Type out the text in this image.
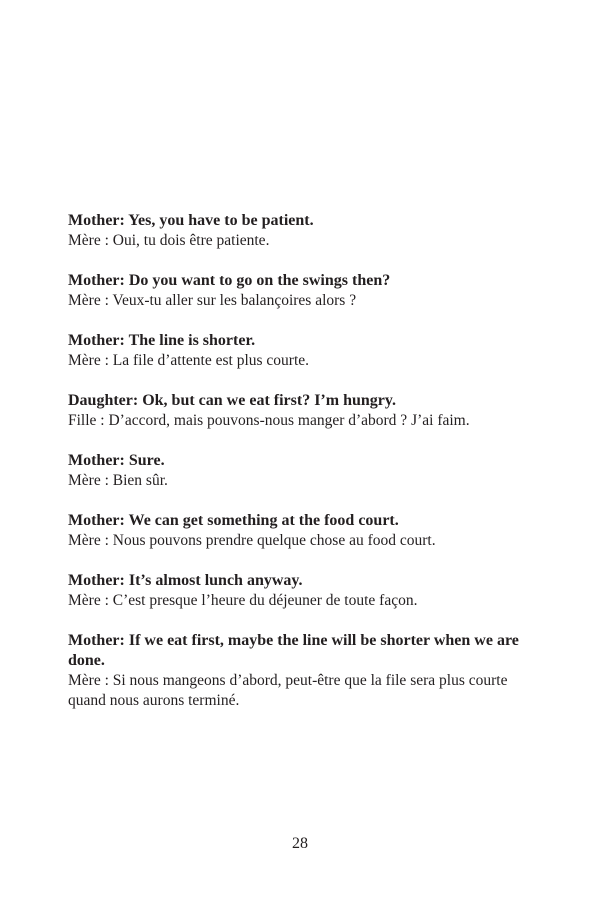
Mother: Yes, you have to be patient.

Mère : Oui, tu dois être patiente.

Mother: Do you want to go on the swings then?

Mère : Veux-tu aller sur les balançoires alors ?

Mother: The line is shorter.

Mère : La file d’attente est plus courte.

Daughter: Ok, but can we eat first? I’m hungry.

Fille : D’accord, mais pouvons-nous manger d’abord ? J’ai faim.

Mother: Sure.

Mère : Bien sûr.

Mother: We can get something at the food court.

Mère : Nous pouvons prendre quelque chose au food court.

Mother: It’s almost lunch anyway.

Mère : C’est presque l’heure du déjeuner de toute façon.

Mother: If we eat first, maybe the line will be shorter when we are done.

Mère : Si nous mangeons d’abord, peut-être que la file sera plus courte quand nous aurons terminé.

28
